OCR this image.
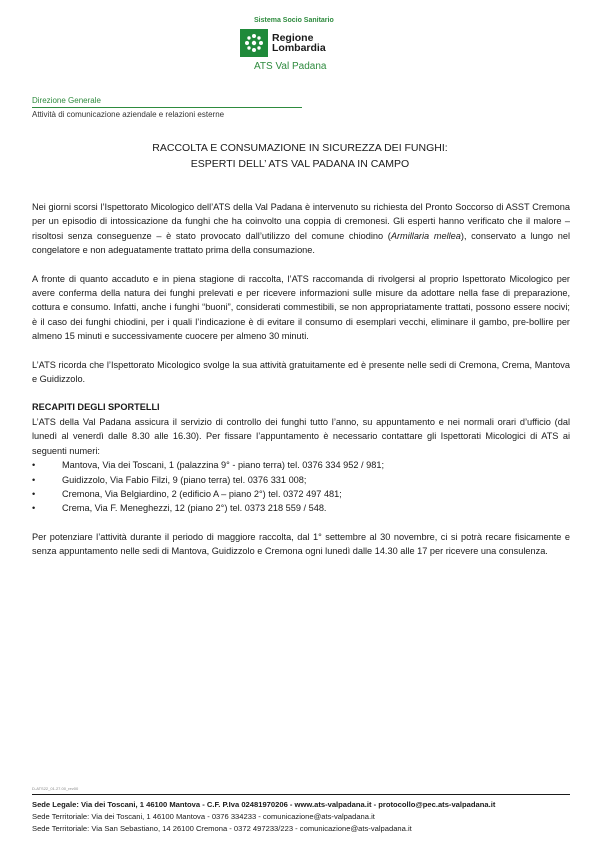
Sistema Socio Sanitario
Regione
Lombardia
ATS Val Padana
Direzione Generale
Attività di comunicazione aziendale e relazioni esterne
RACCOLTA E CONSUMAZIONE IN SICUREZZA DEI FUNGHI:
ESPERTI DELL’ ATS VAL PADANA IN CAMPO

Nei giorni scorsi l’Ispettorato Micologico dell’ATS della Val Padana è intervenuto su richiesta del Pronto Soccorso di ASST Cremona per un episodio di intossicazione da funghi che ha coinvolto una coppia di cremonesi. Gli esperti hanno verificato che il malore – risoltosi senza conseguenze – è stato provocato dall’utilizzo del comune chiodino (Armillaria mellea), conservato a lungo nel congelatore e non adeguatamente trattato prima della consumazione.

A fronte di quanto accaduto e in piena stagione di raccolta, l’ATS raccomanda di rivolgersi al proprio Ispettorato Micologico per avere conferma della natura dei funghi prelevati e per ricevere informazioni sulle misure da adottare nella fase di preparazione, cottura e consumo. Infatti, anche i funghi “buoni”, considerati commestibili, se non appropriatamente trattati, possono essere nocivi; è il caso dei funghi chiodini, per i quali l’indicazione è di evitare il consumo di esemplari vecchi, eliminare il gambo, pre-bollire per almeno 15 minuti e successivamente cuocere per almeno 30 minuti.

L’ATS ricorda che l’Ispettorato Micologico svolge la sua attività gratuitamente ed è presente nelle sedi di Cremona, Crema, Mantova e Guidizzolo.

RECAPITI DEGLI SPORTELLI

L’ATS della Val Padana assicura il servizio di controllo dei funghi tutto l’anno, su appuntamento e nei normali orari d’ufficio (dal lunedì al venerdì dalle 8.30 alle 16.30). Per fissare l’appuntamento è necessario contattare gli Ispettorati Micologici di ATS ai seguenti numeri:

•	Mantova, Via dei Toscani, 1 (palazzina 9° - piano terra) tel. 0376 334 952 / 981;
•	Guidizzolo, Via Fabio Filzi, 9 (piano terra) tel. 0376 331 008;
•	Cremona, Via Belgiardino, 2 (edificio A – piano 2°) tel. 0372 497 481;
•	Crema, Via F. Meneghezzi, 12 (piano 2°) tel. 0373 218 559 / 548.

Per potenziare l’attività durante il periodo di maggiore raccolta, dal 1° settembre al 30 novembre, ci si potrà recare fisicamente e senza appuntamento nelle sedi di Mantova, Guidizzolo e Cremona ogni lunedì dalle 14.30 alle 17 per ricevere una consulenza.

D-ATS22_01.27.00_rev00
Sede Legale: Via dei Toscani, 1 46100 Mantova - C.F. P.Iva 02481970206 - www.ats-valpadana.it - protocollo@pec.ats-valpadana.it
Sede Territoriale: Via dei Toscani, 1 46100 Mantova - 0376 334233 - comunicazione@ats-valpadana.it
Sede Territoriale: Via San Sebastiano, 14 26100 Cremona - 0372 497233/223 - comunicazione@ats-valpadana.it
